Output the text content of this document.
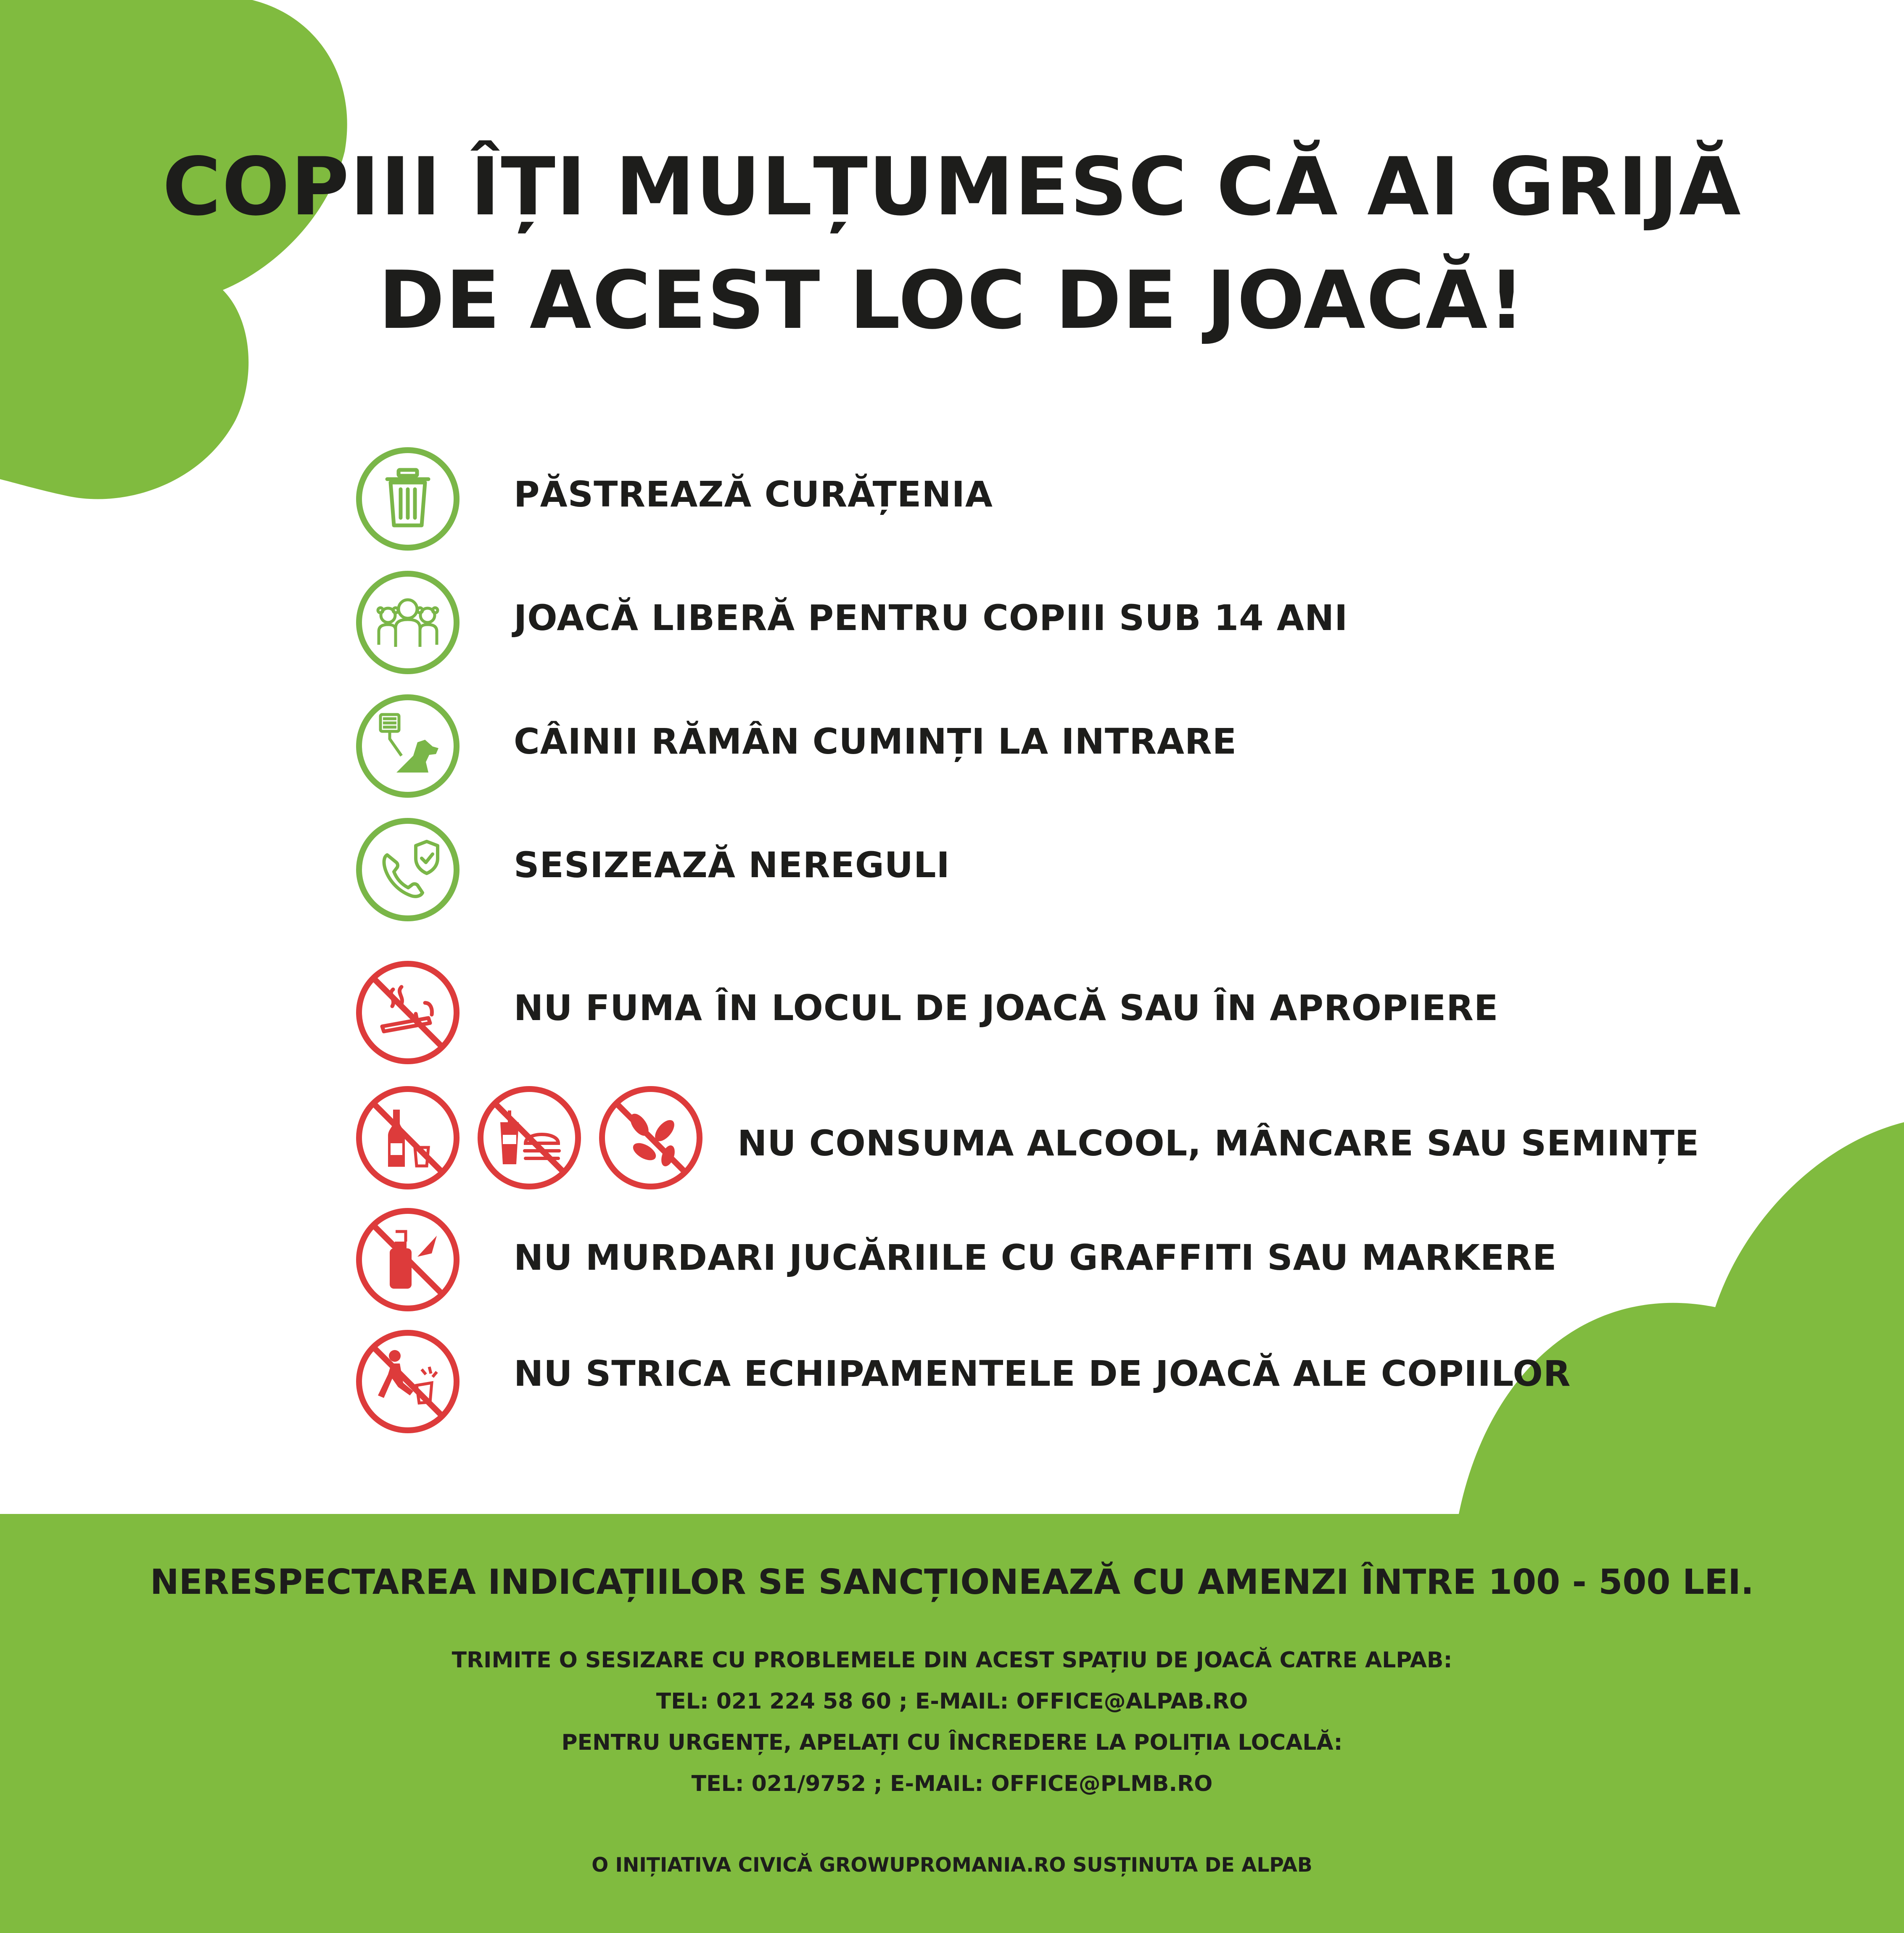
COPIII ÎȚI MULȚUMESC CĂ AI GRIJĂ
DE ACEST LOC DE JOACĂ!
PĂSTREAZĂ CURĂȚENIA
JOACĂ LIBERĂ PENTRU COPIII SUB 14 ANI
CÂINII RĂMÂN CUMINȚI LA INTRARE
SESIZEAZĂ NEREGULI
NU FUMA ÎN LOCUL DE JOACĂ SAU ÎN APROPIERE
NU CONSUMA ALCOOL, MÂNCARE SAU SEMINȚE
NU MURDARI JUCĂRIILE CU GRAFFITI SAU MARKERE
NU STRICA ECHIPAMENTELE DE JOACĂ ALE COPIILOR
NERESPECTAREA INDICAȚIILOR SE SANCȚIONEAZĂ CU AMENZI ÎNTRE 100 - 500 LEI.
TRIMITE O SESIZARE CU PROBLEMELE DIN ACEST SPAȚIU DE JOACĂ CATRE ALPAB:
TEL: 021 224 58 60 ; E-MAIL: OFFICE@ALPAB.RO
PENTRU URGENȚE, APELAȚI CU ÎNCREDERE LA POLIȚIA LOCALĂ:
TEL: 021/9752 ; E-MAIL: OFFICE@PLMB.RO
O INIȚIATIVA CIVICĂ GROWUPROMANIA.RO SUSȚINUTA DE ALPAB
